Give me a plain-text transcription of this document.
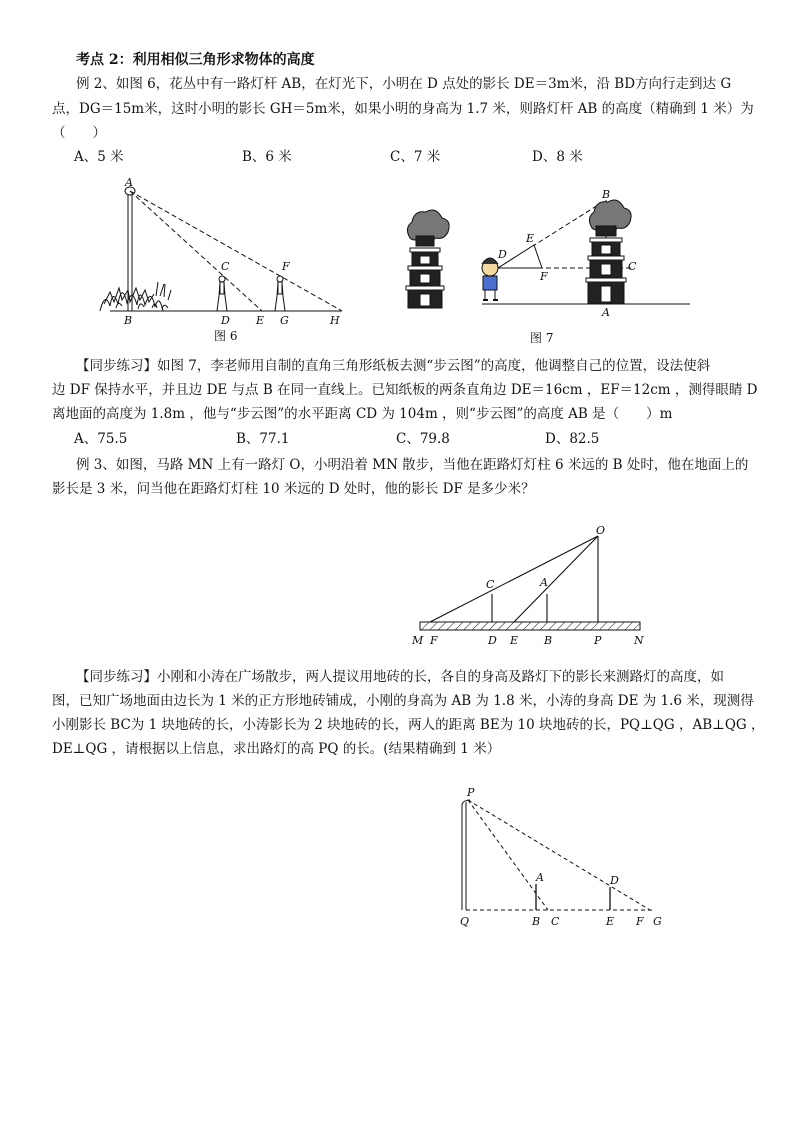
考点 2：利用相似三角形求物体的高度
例 2、如图 6，花丛中有一路灯杆 AB，在灯光下，小明在 D 点处的影长 DE＝3m米，沿 BD方向行走到达 G
点，DG＝15m米，这时小明的影长 GH＝5m米，如果小明的身高为 1.7 米，则路灯杆 AB 的高度（精确到 1 米）为
（　　）
A、5 米	B、6 米	C、7 米	D、8 米
A
B
C
D E
F
G	H
图 6
B
D
E
F
C
A
图 7
【同步练习】如图 7，李老师用自制的直角三角形纸板去测“步云图”的高度，他调整自己的位置，设法使斜
边 DF 保持水平，并且边 DE 与点 B 在同一直线上。已知纸板的两条直角边 DE＝16cm ，EF＝12cm ，测得眼睛 D
离地面的高度为 1.8m ，他与“步云图”的水平距离 CD 为 104m ，则“步云图”的高度 AB 是（　　）m
A、75.5	B、77.1	C、79.8	D、82.5
例 3、如图，马路 MN 上有一路灯 O，小明沿着 MN 散步，当他在距路灯灯柱 6 米远的 B 处时，他在地面上的
影长是 3 米，问当他在距路灯灯柱 10 米远的 D 处时，他的影长 DF 是多少米？
O
C	A
M F	D E B	P	N
【同步练习】小刚和小涛在广场散步，两人提议用地砖的长，各自的身高及路灯下的影长来测路灯的高度，如
图，已知广场地面由边长为 1 米的正方形地砖铺成，小刚的身高为 AB 为 1.8 米，小涛的身高 DE 为 1.6 米，现测得
小刚影长 BC为 1 块地砖的长，小涛影长为 2 块地砖的长，两人的距离 BE为 10 块地砖的长，PQ⊥QG ，AB⊥QG ，
DE⊥QG ，请根据以上信息，求出路灯的高 PQ 的长。(结果精确到 1 米）
P
A	D
Q	B C	E F G
